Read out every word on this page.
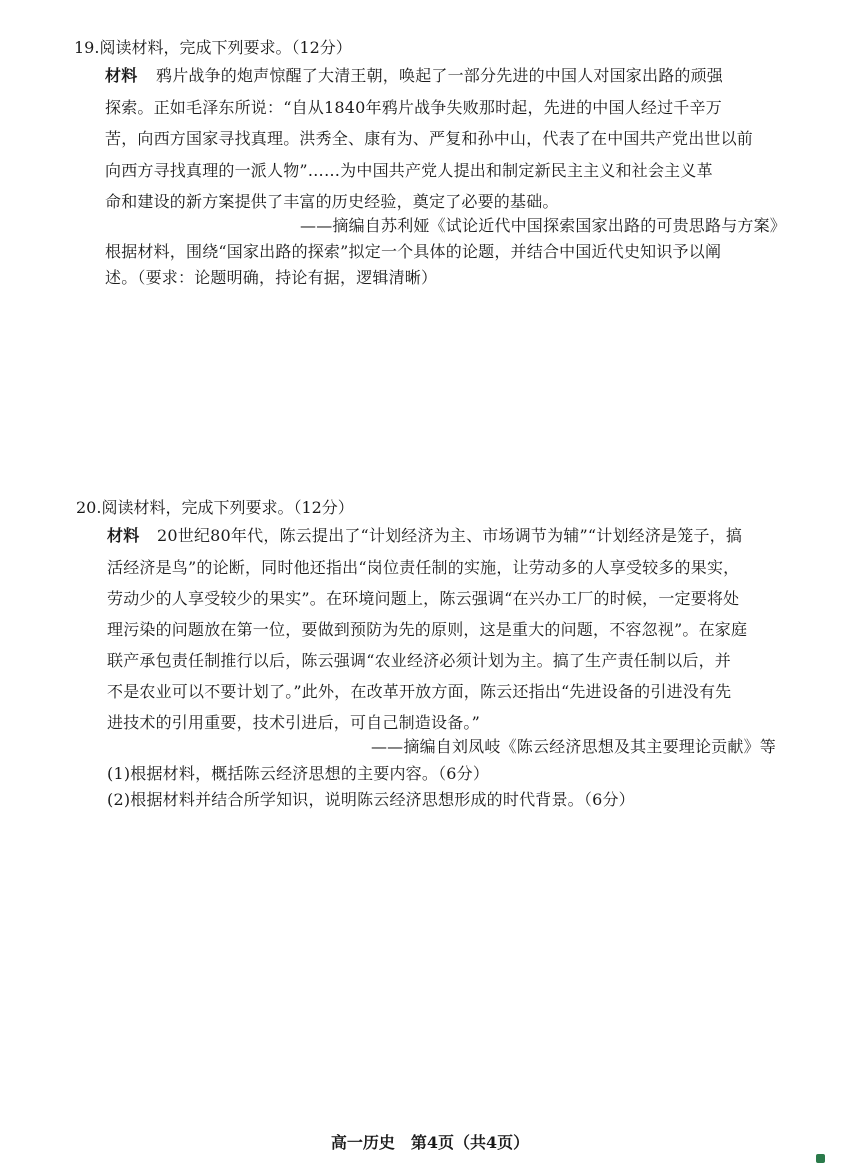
19.阅读材料，完成下列要求。（12分）
材料 鸦片战争的炮声惊醒了大清王朝，唤起了一部分先进的中国人对国家出路的顽强
探索。正如毛泽东所说：“自从1840年鸦片战争失败那时起，先进的中国人经过千辛万
苦，向西方国家寻找真理。洪秀全、康有为、严复和孙中山，代表了在中国共产党出世以前
向西方寻找真理的一派人物”……为中国共产党人提出和制定新民主主义和社会主义革
命和建设的新方案提供了丰富的历史经验，奠定了必要的基础。
——摘编自苏利娅《试论近代中国探索国家出路的可贵思路与方案》
根据材料，围绕“国家出路的探索”拟定一个具体的论题，并结合中国近代史知识予以阐
述。（要求：论题明确，持论有据，逻辑清晰）
20.阅读材料，完成下列要求。（12分）
材料 20世纪80年代，陈云提出了“计划经济为主、市场调节为辅”“计划经济是笼子，搞
活经济是鸟”的论断，同时他还指出“岗位责任制的实施，让劳动多的人享受较多的果实，
劳动少的人享受较少的果实”。在环境问题上，陈云强调“在兴办工厂的时候，一定要将处
理污染的问题放在第一位，要做到预防为先的原则，这是重大的问题，不容忽视”。在家庭
联产承包责任制推行以后，陈云强调“农业经济必须计划为主。搞了生产责任制以后，并
不是农业可以不要计划了。”此外，在改革开放方面，陈云还指出“先进设备的引进没有先
进技术的引用重要，技术引进后，可自己制造设备。”
——摘编自刘凤岐《陈云经济思想及其主要理论贡献》等
(1)根据材料，概括陈云经济思想的主要内容。（6分）
(2)根据材料并结合所学知识，说明陈云经济思想形成的时代背景。（6分）
高一历史　第4页（共4页）
